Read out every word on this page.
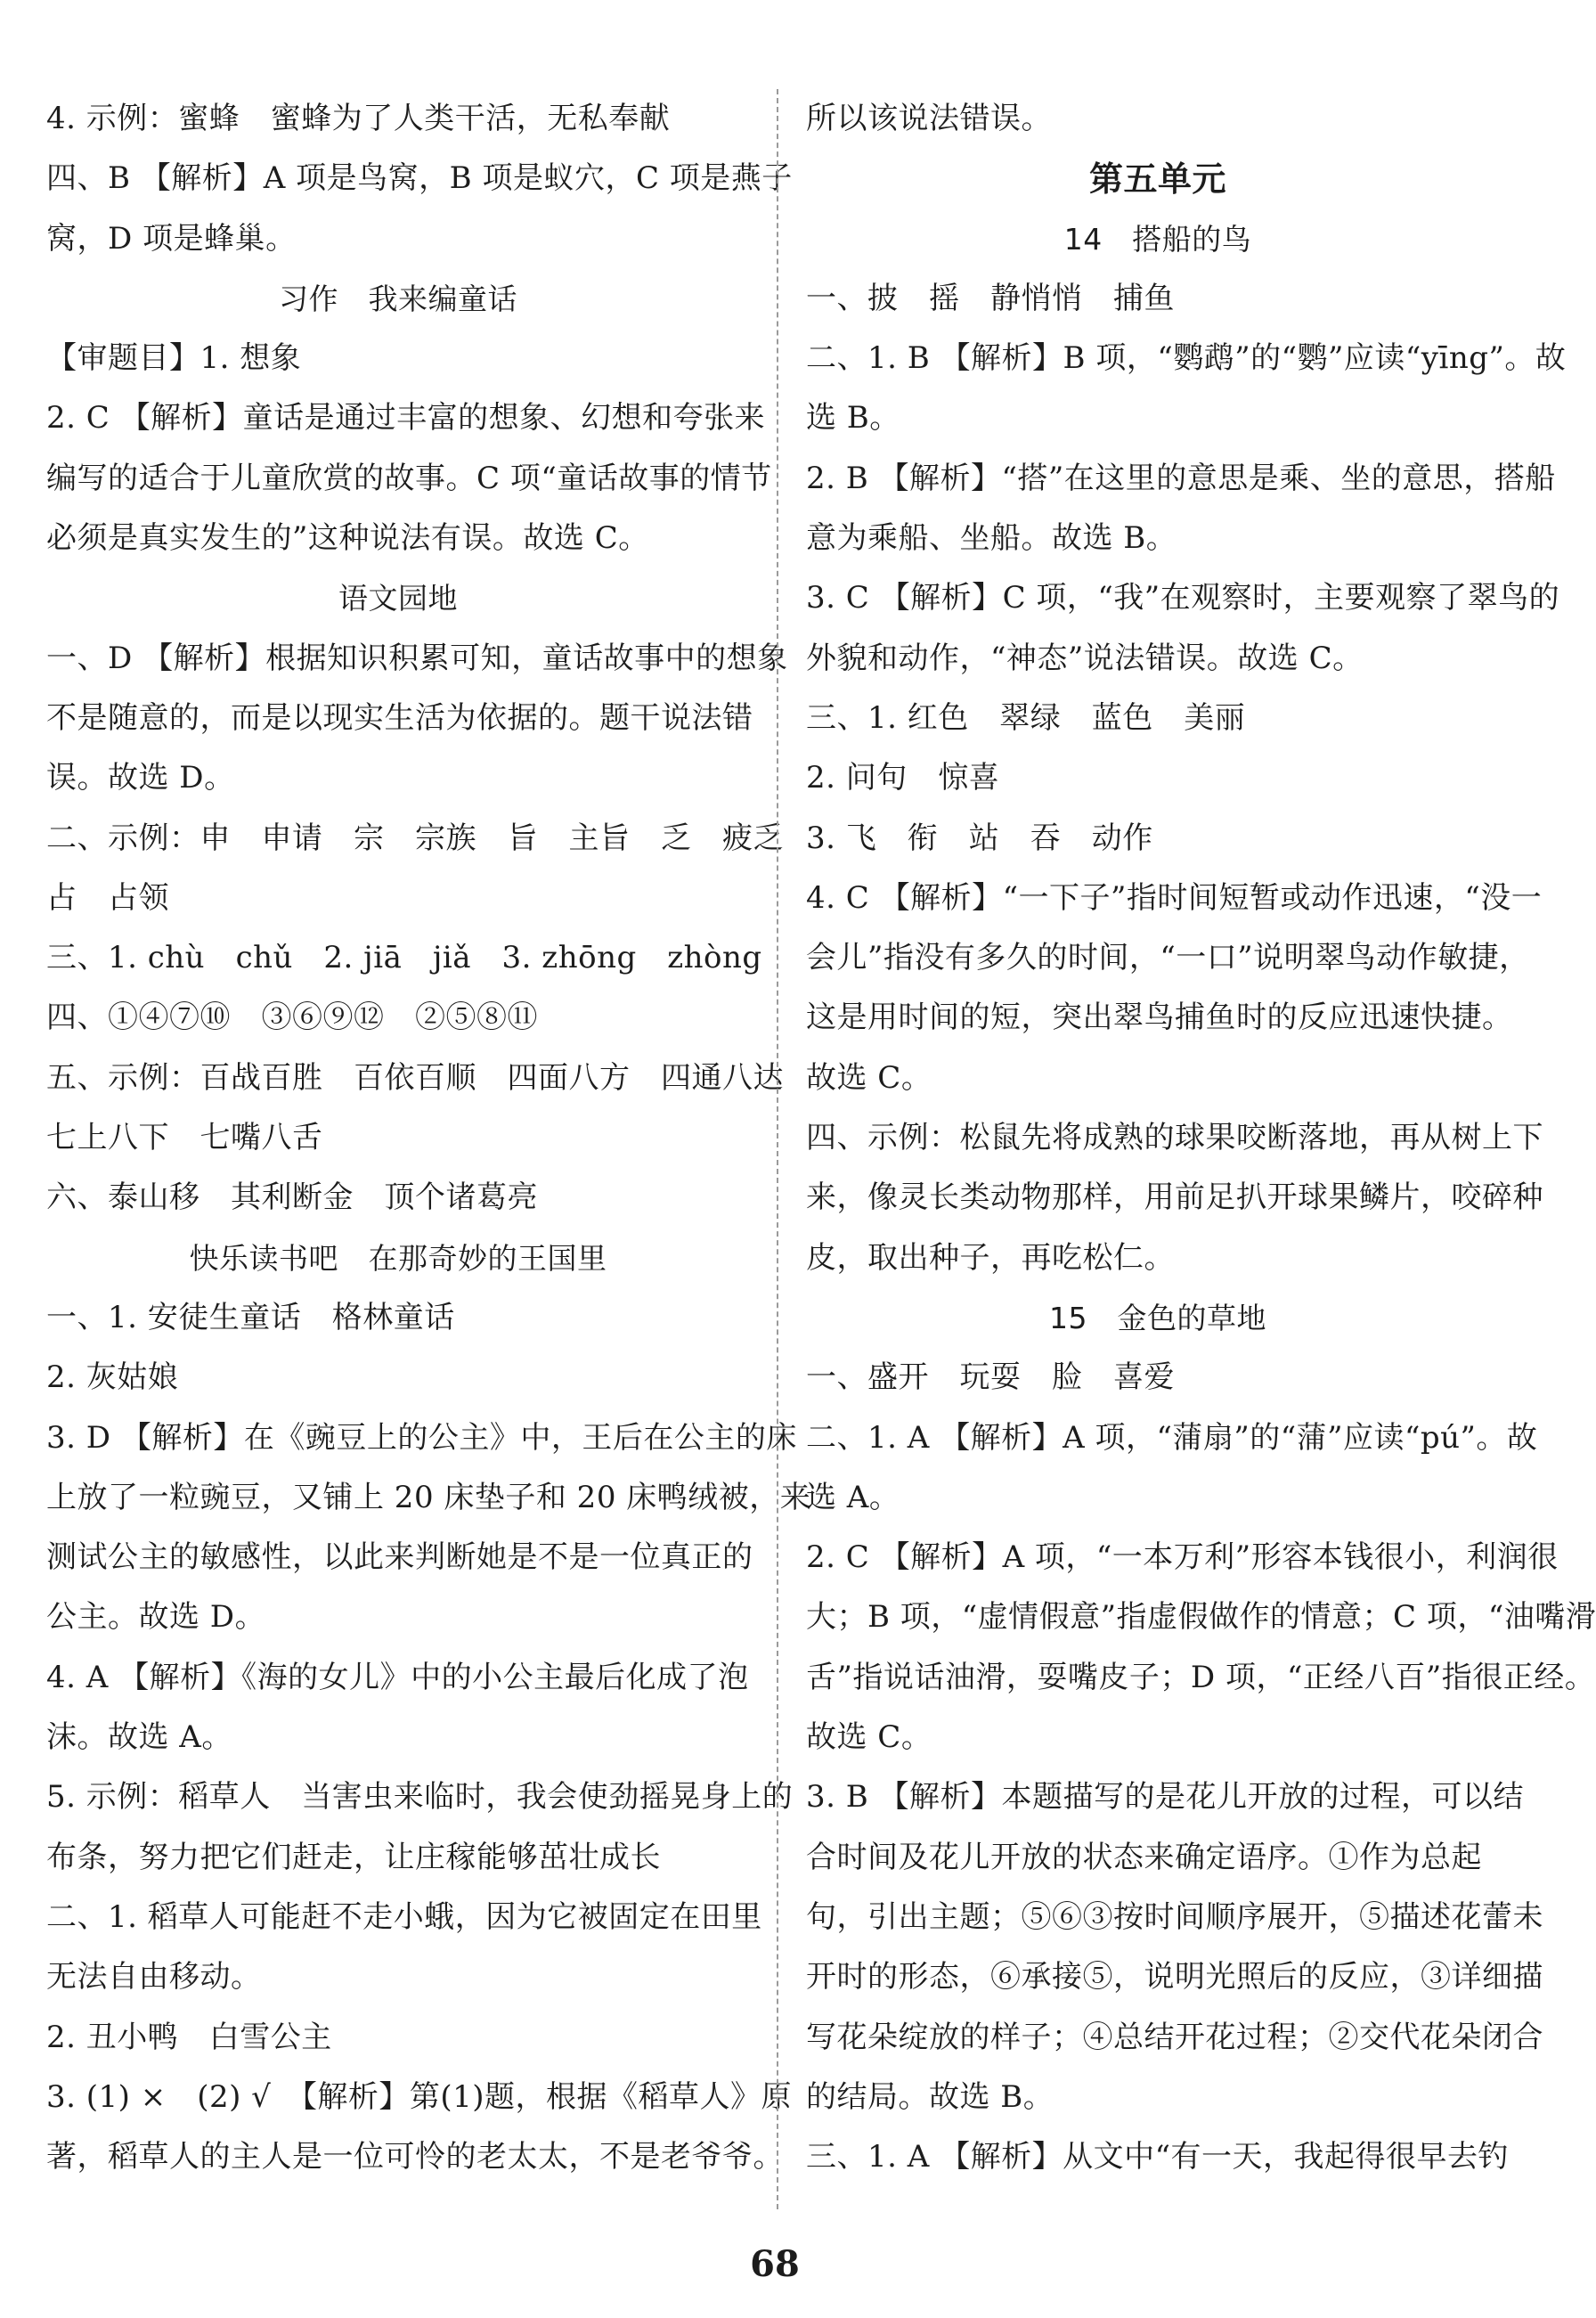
4. 示例：蜜蜂　蜜蜂为了人类干活，无私奉献
四、B 【解析】A 项是鸟窝，B 项是蚁穴，C 项是燕子
窝，D 项是蜂巢。
习作　我来编童话
【审题目】1. 想象
2. C 【解析】童话是通过丰富的想象、幻想和夸张来
编写的适合于儿童欣赏的故事。C 项“童话故事的情节
必须是真实发生的”这种说法有误。故选 C。
语文园地
一、D 【解析】根据知识积累可知，童话故事中的想象
不是随意的，而是以现实生活为依据的。题干说法错
误。故选 D。
二、示例：申　申请　宗　宗族　旨　主旨　乏　疲乏
占　占领
三、1. chù　chǔ　2. jiā　jiǎ　3. zhōng　zhòng
四、①④⑦⑩　③⑥⑨⑫　②⑤⑧⑪
五、示例：百战百胜　百依百顺　四面八方　四通八达
七上八下　七嘴八舌
六、泰山移　其利断金　顶个诸葛亮
快乐读书吧　在那奇妙的王国里
一、1. 安徒生童话　格林童话
2. 灰姑娘
3. D 【解析】在《豌豆上的公主》中，王后在公主的床
上放了一粒豌豆，又铺上 20 床垫子和 20 床鸭绒被，来
测试公主的敏感性，以此来判断她是不是一位真正的
公主。故选 D。
4. A 【解析】《海的女儿》中的小公主最后化成了泡
沫。故选 A。
5. 示例：稻草人　当害虫来临时，我会使劲摇晃身上的
布条，努力把它们赶走，让庄稼能够茁壮成长
二、1. 稻草人可能赶不走小蛾，因为它被固定在田里
无法自由移动。
2. 丑小鸭　白雪公主
3. (1) ×　(2) √　【解析】第(1)题，根据《稻草人》原
著，稻草人的主人是一位可怜的老太太，不是老爷爷。
所以该说法错误。
第五单元
14　搭船的鸟
一、披　摇　静悄悄　捕鱼
二、1. B 【解析】B 项，“鹦鹉”的“鹦”应读“yīng”。故
选 B。
2. B 【解析】“搭”在这里的意思是乘、坐的意思，搭船
意为乘船、坐船。故选 B。
3. C 【解析】C 项，“我”在观察时，主要观察了翠鸟的
外貌和动作，“神态”说法错误。故选 C。
三、1. 红色　翠绿　蓝色　美丽
2. 问句　惊喜
3. 飞　衔　站　吞　动作
4. C 【解析】“一下子”指时间短暂或动作迅速，“没一
会儿”指没有多久的时间，“一口”说明翠鸟动作敏捷，
这是用时间的短，突出翠鸟捕鱼时的反应迅速快捷。
故选 C。
四、示例：松鼠先将成熟的球果咬断落地，再从树上下
来，像灵长类动物那样，用前足扒开球果鳞片，咬碎种
皮，取出种子，再吃松仁。
15　金色的草地
一、盛开　玩耍　脸　喜爱
二、1. A 【解析】A 项，“蒲扇”的“蒲”应读“pú”。故
选 A。
2. C 【解析】A 项，“一本万利”形容本钱很小，利润很
大；B 项，“虚情假意”指虚假做作的情意；C 项，“油嘴滑
舌”指说话油滑，耍嘴皮子；D 项，“正经八百”指很正经。
故选 C。
3. B 【解析】本题描写的是花儿开放的过程，可以结
合时间及花儿开放的状态来确定语序。①作为总起
句，引出主题；⑤⑥③按时间顺序展开，⑤描述花蕾未
开时的形态，⑥承接⑤，说明光照后的反应，③详细描
写花朵绽放的样子；④总结开花过程；②交代花朵闭合
的结局。故选 B。
三、1. A 【解析】从文中“有一天，我起得很早去钓
68
